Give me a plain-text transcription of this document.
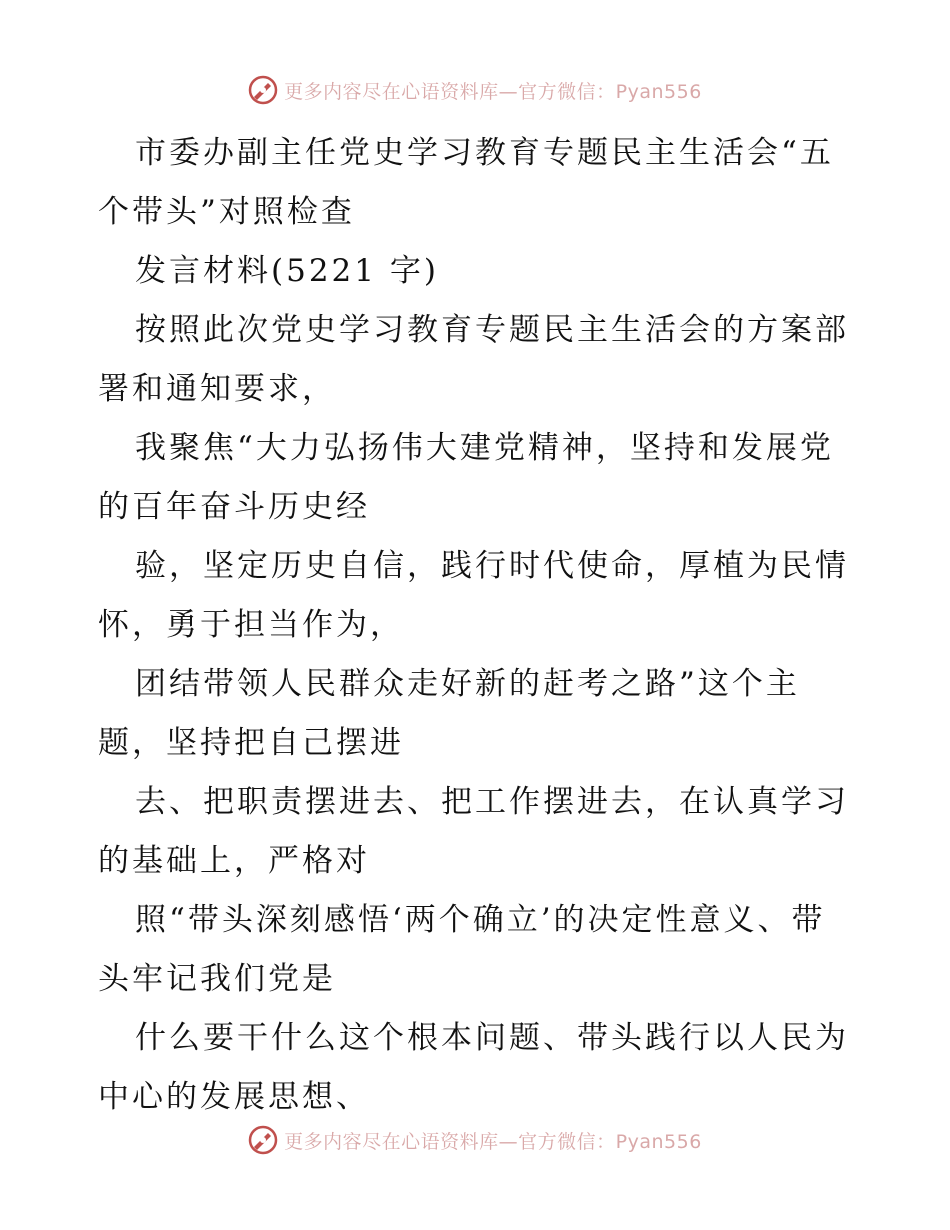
更多内容尽在心语资料库—官方微信：Pyan556

市委办副主任党史学习教育专题民主生活会“五个带头”对照检查

发言材料(5221 字)

按照此次党史学习教育专题民主生活会的方案部署和通知要求，

我聚焦“大力弘扬伟大建党精神，坚持和发展党的百年奋斗历史经

验，坚定历史自信，践行时代使命，厚植为民情怀，勇于担当作为，

团结带领人民群众走好新的赶考之路”这个主题，坚持把自己摆进

去、把职责摆进去、把工作摆进去，在认真学习的基础上，严格对

照“带头深刻感悟‘两个确立’的决定性意义、带头牢记我们党是

什么要干什么这个根本问题、带头践行以人民为中心的发展思想、

更多内容尽在心语资料库—官方微信：Pyan556
